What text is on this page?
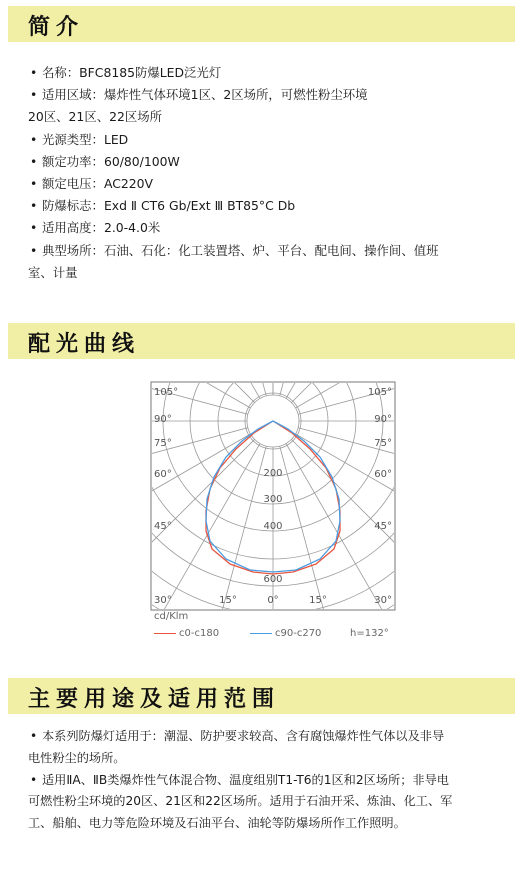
简介
• 名称：BFC8185防爆LED泛光灯
• 适用区域：爆炸性气体环境1区、2区场所，可燃性粉尘环境
20区、21区、22区场所
• 光源类型：LED
• 额定功率：60/80/100W
• 额定电压：AC220V
• 防爆标志：Exd Ⅱ CT6 Gb/Ext Ⅲ BT85°C Db
• 适用高度：2.0-4.0米
• 典型场所：石油、石化：化工装置塔、炉、平台、配电间、操作间、值班
室、计量
配光曲线
200
300
400
600
105°
90°
75°
60°
45°
30°
105°
90°
75°
60°
45°
30°
15°	0°	15°
cd/Klm
c0-c180	c90-c270	h=132°
主要用途及适用范围
• 本系列防爆灯适用于：潮湿、防护要求较高、含有腐蚀爆炸性气体以及非导
电性粉尘的场所。
• 适用ⅡA、ⅡB类爆炸性气体混合物、温度组别T1-T6的1区和2区场所；非导电
可燃性粉尘环境的20区、21区和22区场所。适用于石油开采、炼油、化工、军
工、船舶、电力等危险环境及石油平台、油轮等防爆场所作工作照明。
